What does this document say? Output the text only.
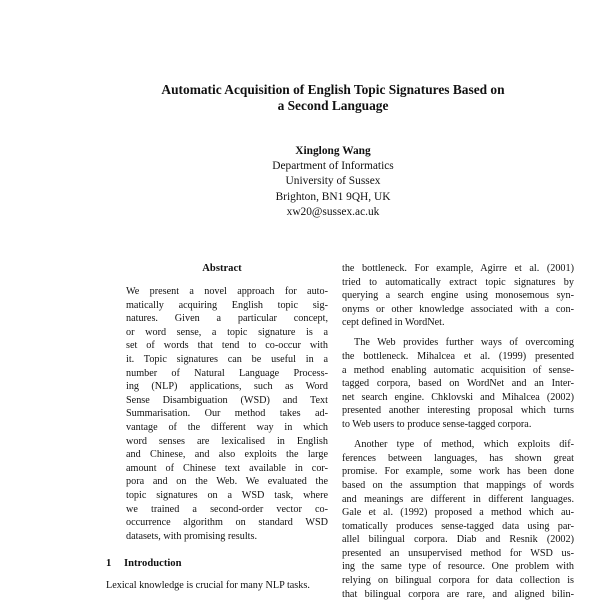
Automatic Acquisition of English Topic Signatures Based on
a Second Language
Xinglong Wang
Department of Informatics
University of Sussex
Brighton, BN1 9QH, UK
xw20@sussex.ac.uk
Abstract
We present a novel approach for auto-
matically acquiring English topic sig-
natures. Given a particular concept,
or word sense, a topic signature is a
set of words that tend to co-occur with
it. Topic signatures can be useful in a
number of Natural Language Process-
ing (NLP) applications, such as Word
Sense Disambiguation (WSD) and Text
Summarisation. Our method takes ad-
vantage of the different way in which
word senses are lexicalised in English
and Chinese, and also exploits the large
amount of Chinese text available in cor-
pora and on the Web. We evaluated the
topic signatures on a WSD task, where
we trained a second-order vector co-
occurrence algorithm on standard WSD
datasets, with promising results.
1 Introduction
Lexical knowledge is crucial for many NLP tasks.
the bottleneck. For example, Agirre et al. (2001)
tried to automatically extract topic signatures by
querying a search engine using monosemous syn-
onyms or other knowledge associated with a con-
cept defined in WordNet.
The Web provides further ways of overcoming
the bottleneck. Mihalcea et al. (1999) presented
a method enabling automatic acquisition of sense-
tagged corpora, based on WordNet and an Inter-
net search engine. Chklovski and Mihalcea (2002)
presented another interesting proposal which turns
to Web users to produce sense-tagged corpora.
Another type of method, which exploits dif-
ferences between languages, has shown great
promise. For example, some work has been done
based on the assumption that mappings of words
and meanings are different in different languages.
Gale et al. (1992) proposed a method which au-
tomatically produces sense-tagged data using par-
allel bilingual corpora. Diab and Resnik (2002)
presented an unsupervised method for WSD us-
ing the same type of resource. One problem with
relying on bilingual corpora for data collection is
that bilingual corpora are rare, and aligned bilin-
